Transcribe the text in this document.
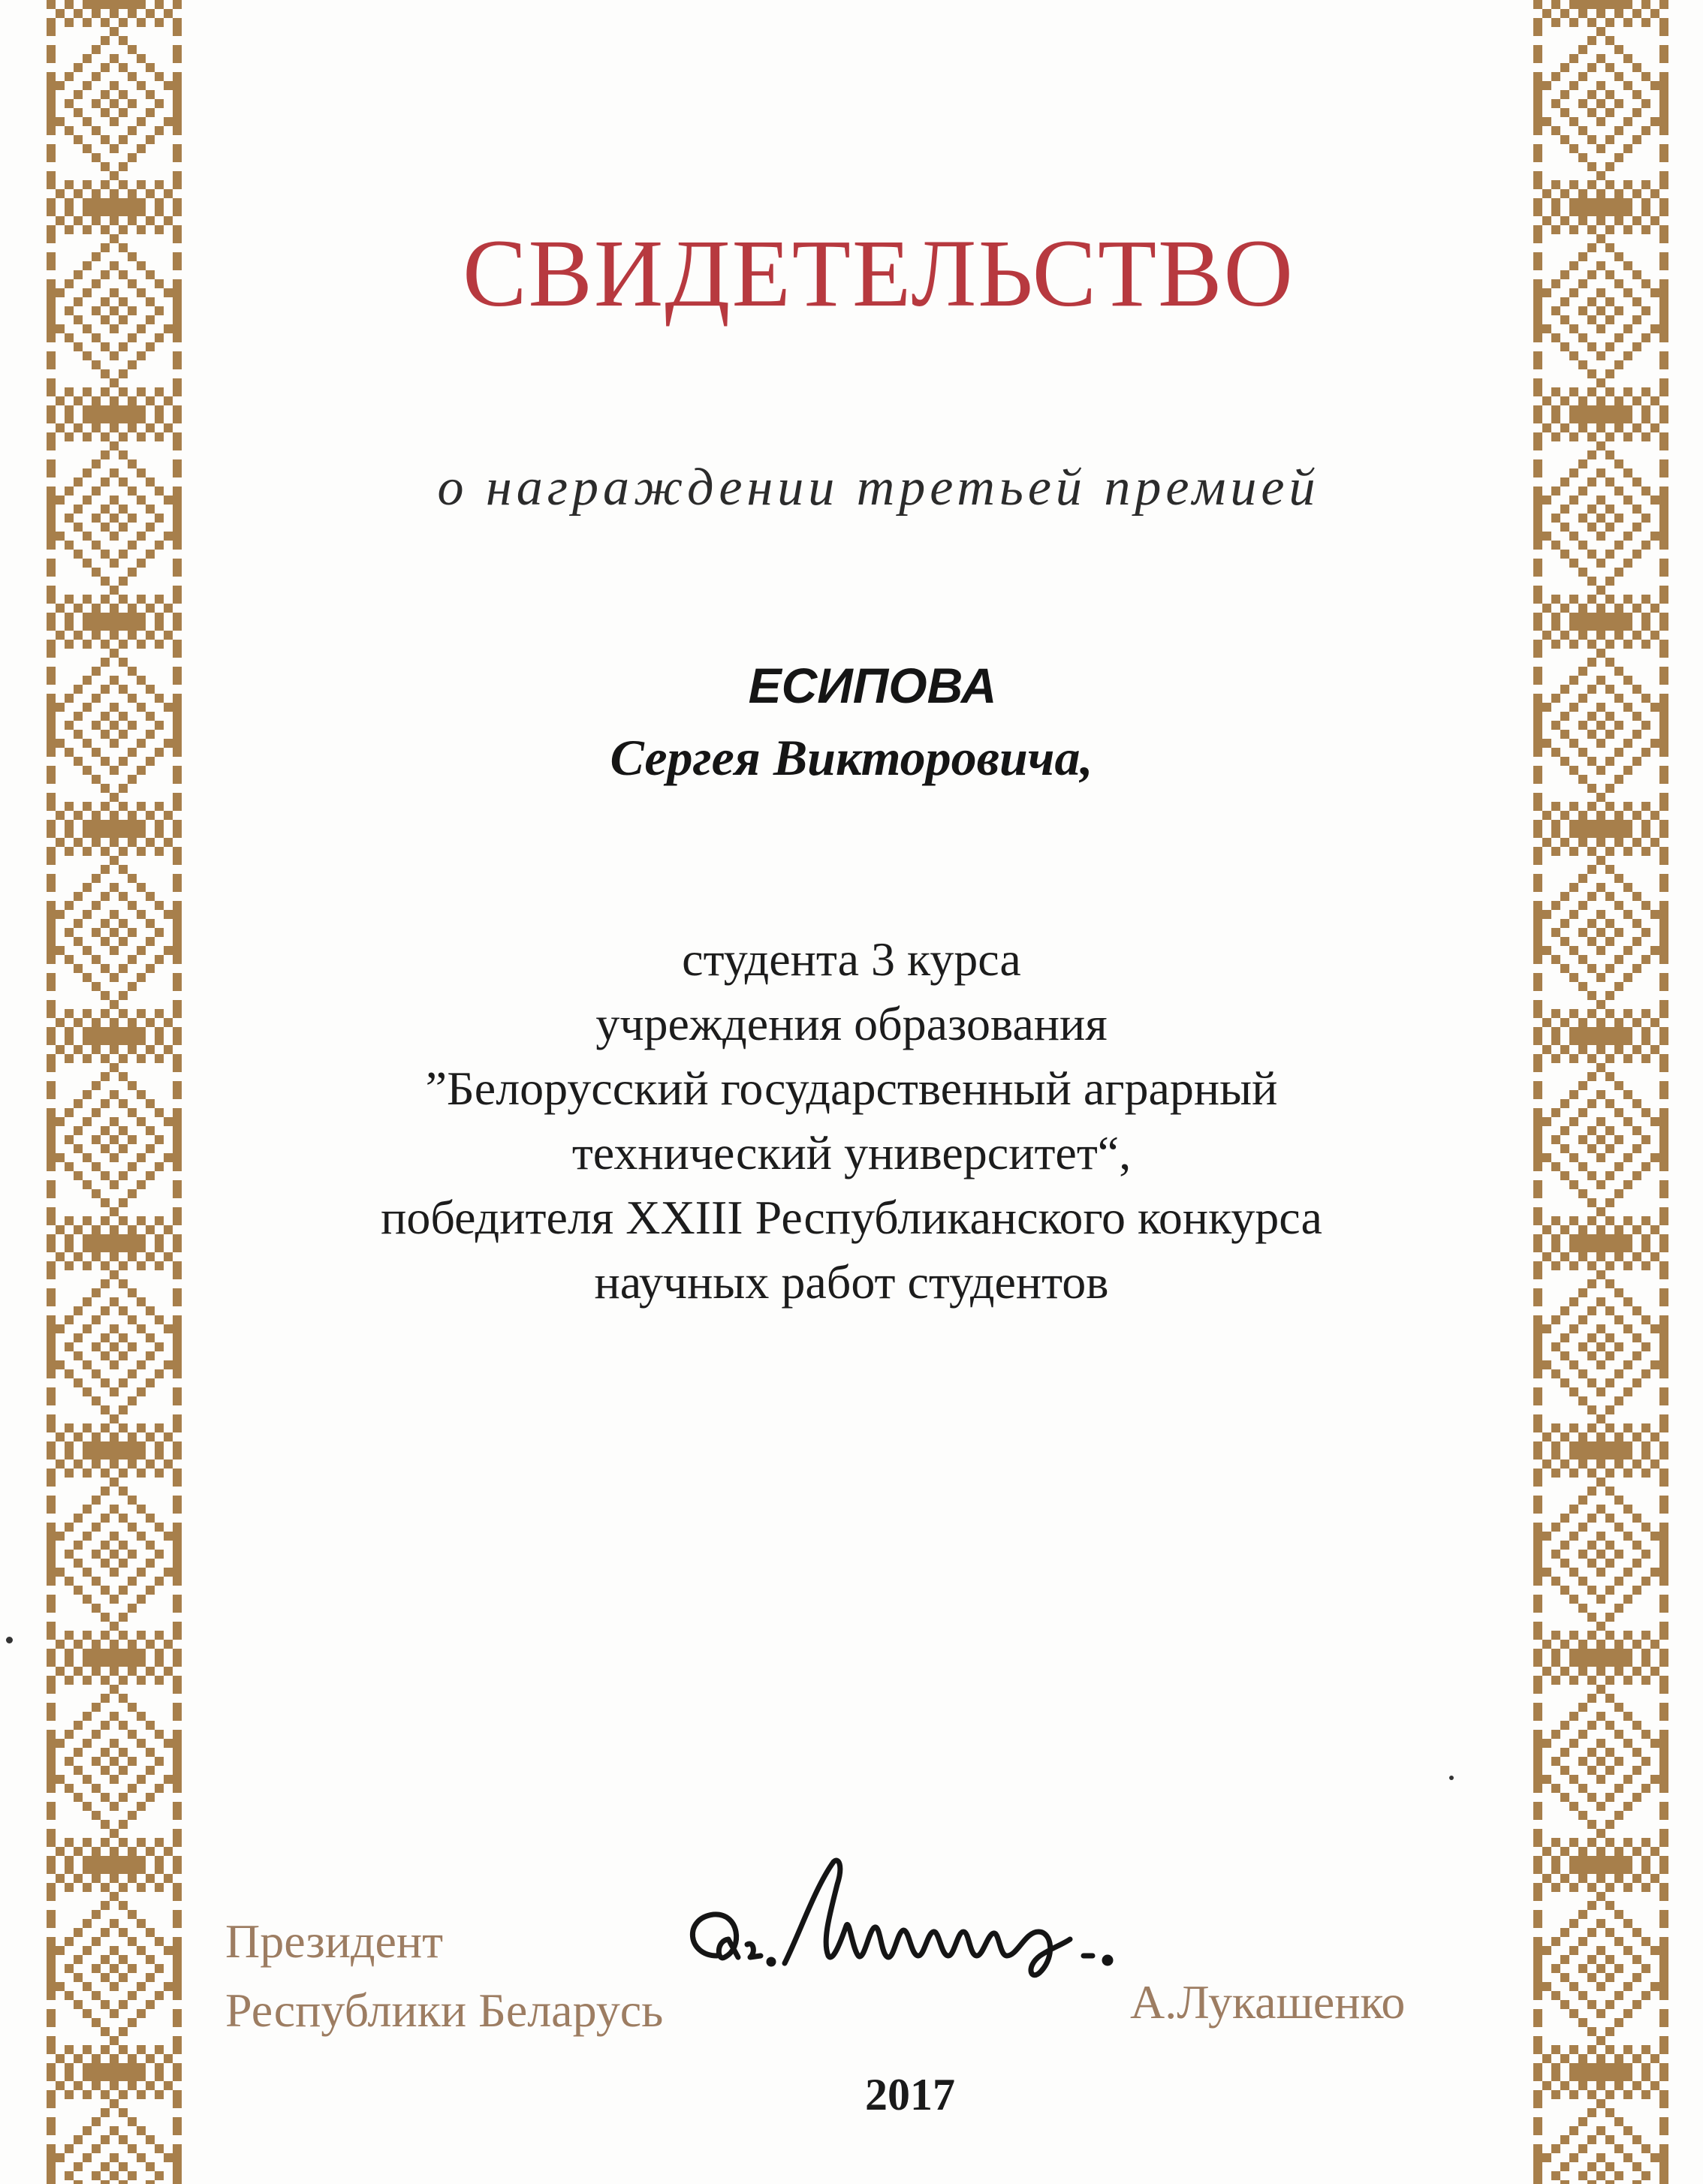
СВИДЕТЕЛЬСТВО
о награждении третьей премией
ЕСИПОВА
Сергея Викторовича,
студента 3 курса
учреждения образования
”Белорусский государственный аграрный
технический университет“,
победителя XXIII Республиканского конкурса
научных работ студентов
Президент
Республики Беларусь	А.Лукашенко
2017
